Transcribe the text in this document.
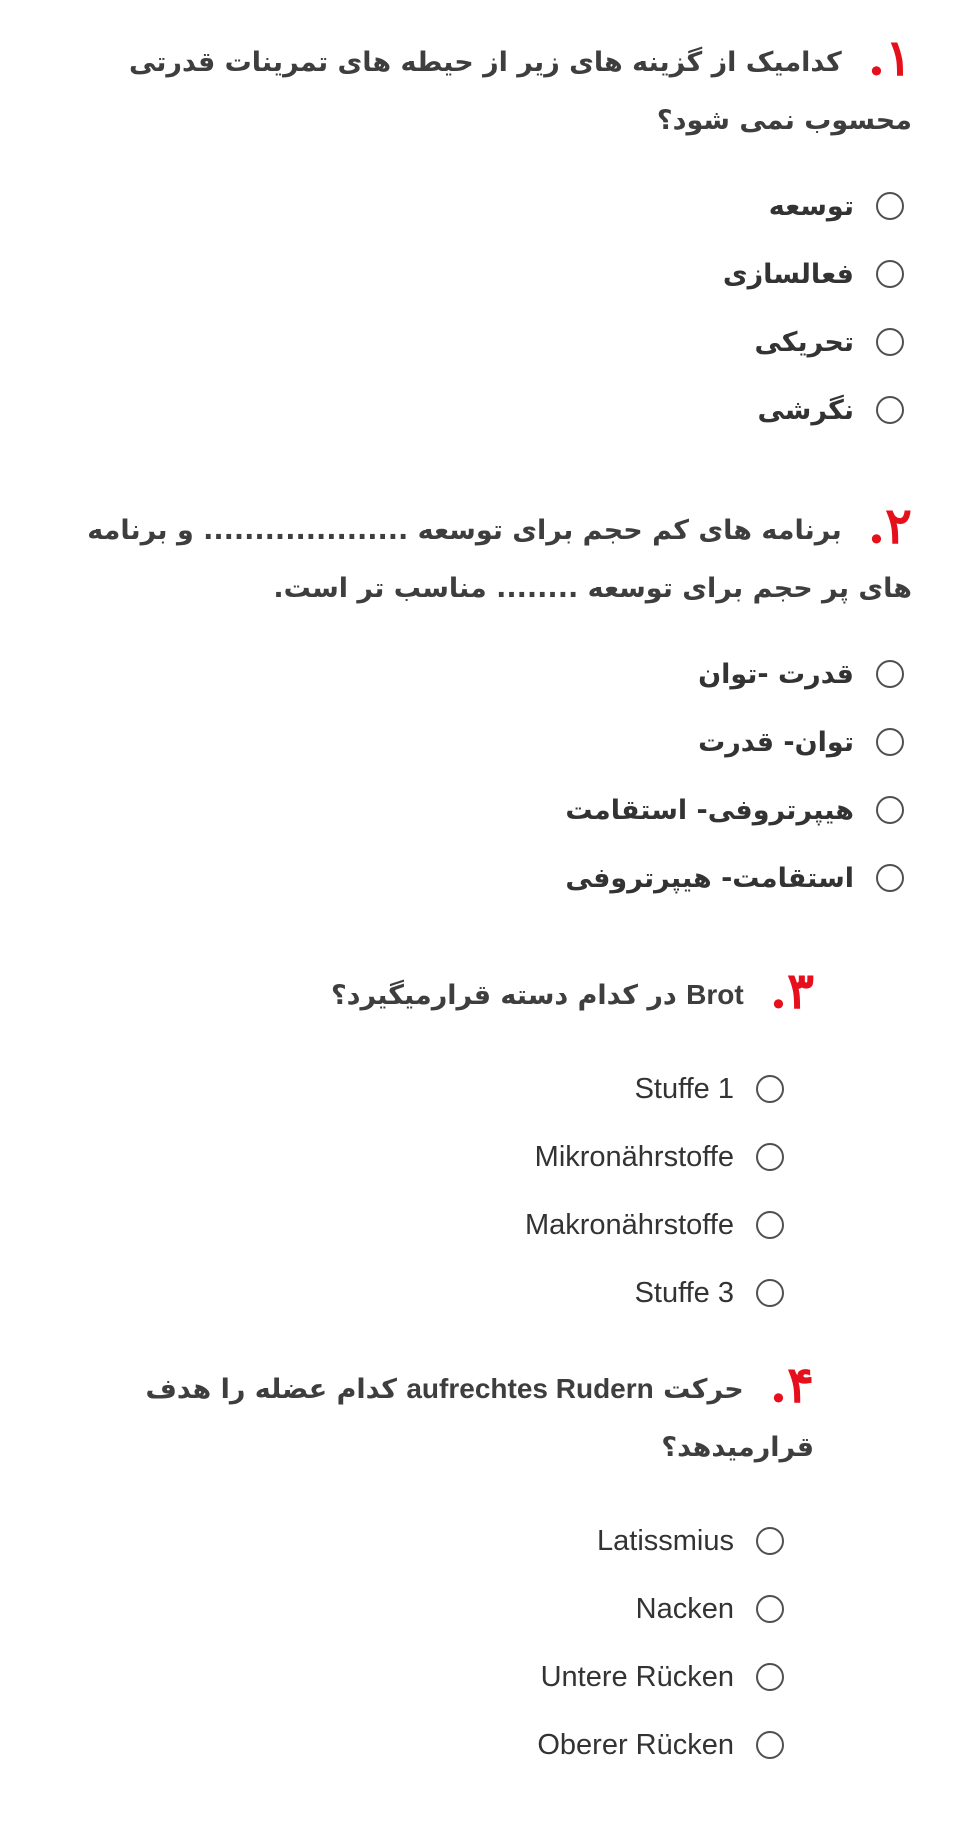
۱.کدامیک از گزینه های زیر از حیطه های تمرینات قدرتی محسوب نمی شود؟
توسعه
فعالسازی
تحریکی
نگرشی
۲.برنامه های کم حجم برای توسعه .................... و برنامه های پر حجم برای توسعه ........ مناسب تر است.
قدرت -توان
توان- قدرت
هیپرتروفی- استقامت
استقامت- هیپرتروفی
۳.Brot در کدام دسته قرارمیگیرد؟
Stuffe 1
Mikronährstoffe
Makronährstoffe
Stuffe 3
۴.حرکت aufrechtes Rudern کدام عضله را هدف قرارمیدهد؟
Latissmius
Nacken
Untere Rücken
Oberer Rücken
